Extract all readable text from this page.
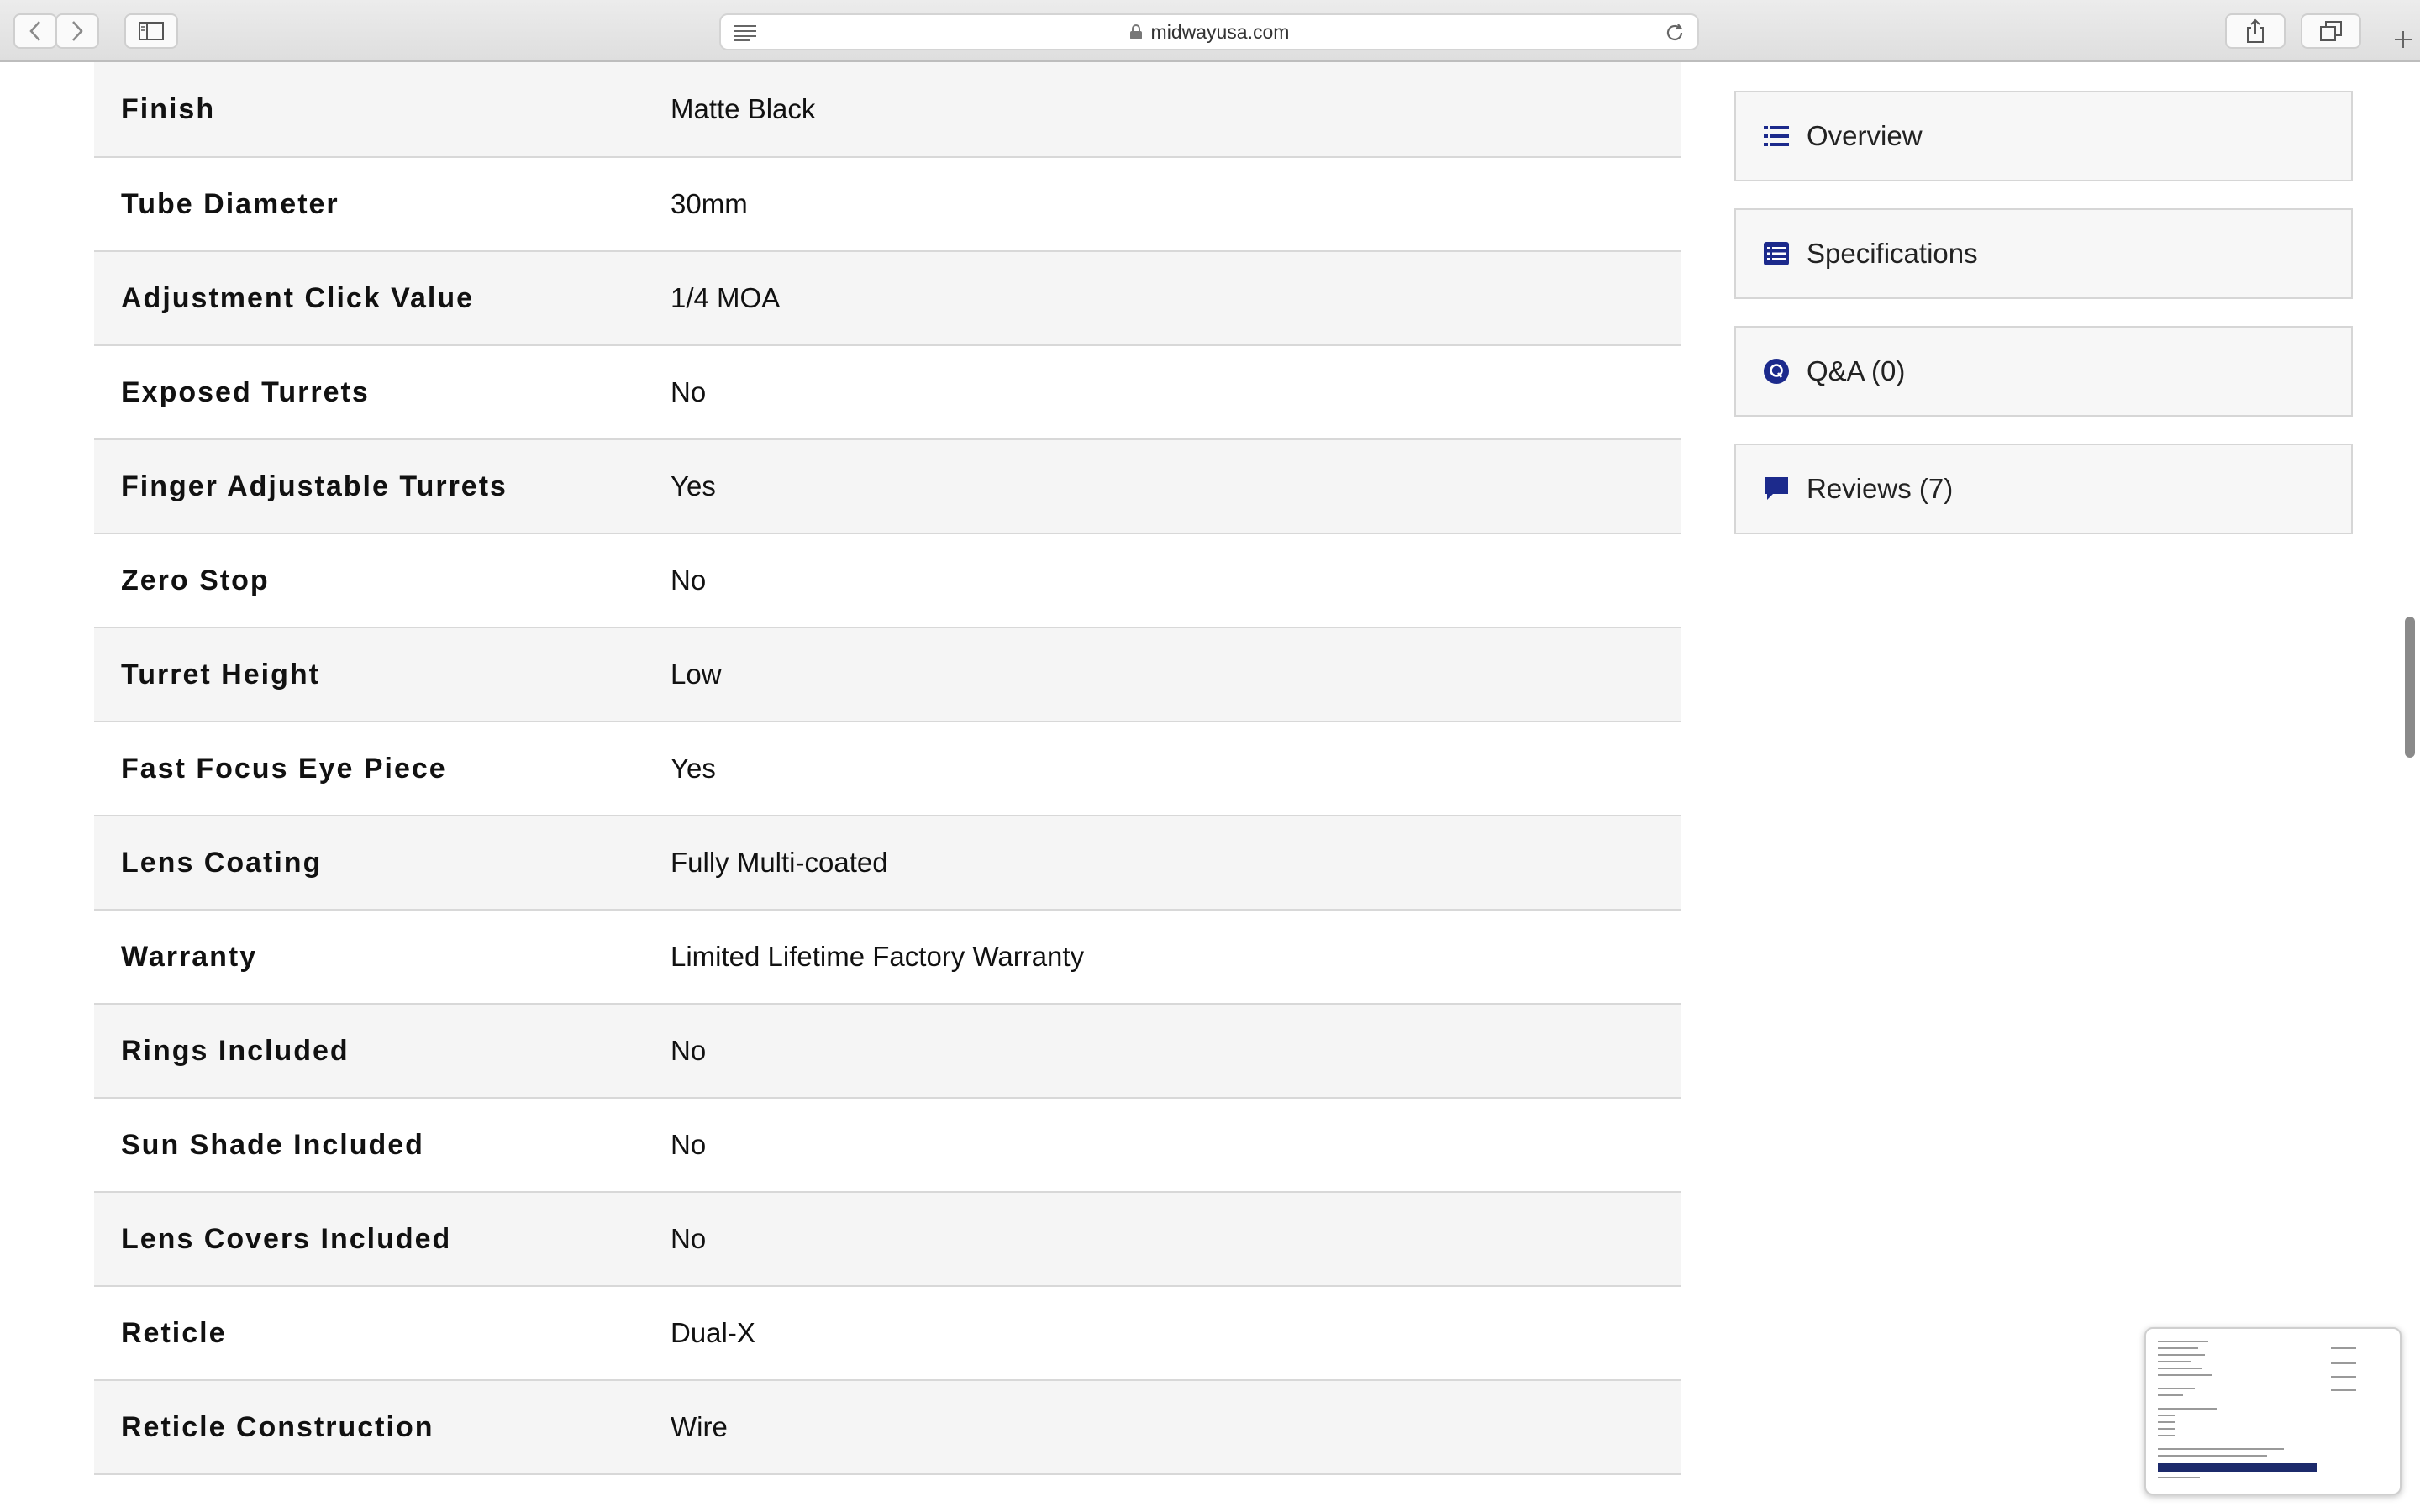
midwayusa.com
Finish	Matte Black
Tube Diameter	30mm
Adjustment Click Value	1/4 MOA
Exposed Turrets	No
Finger Adjustable Turrets	Yes
Zero Stop	No
Turret Height	Low
Fast Focus Eye Piece	Yes
Lens Coating	Fully Multi-coated
Warranty	Limited Lifetime Factory Warranty
Rings Included	No
Sun Shade Included	No
Lens Covers Included	No
Reticle	Dual-X
Reticle Construction	Wire
Overview
Specifications
Q&A (0)
Reviews (7)
